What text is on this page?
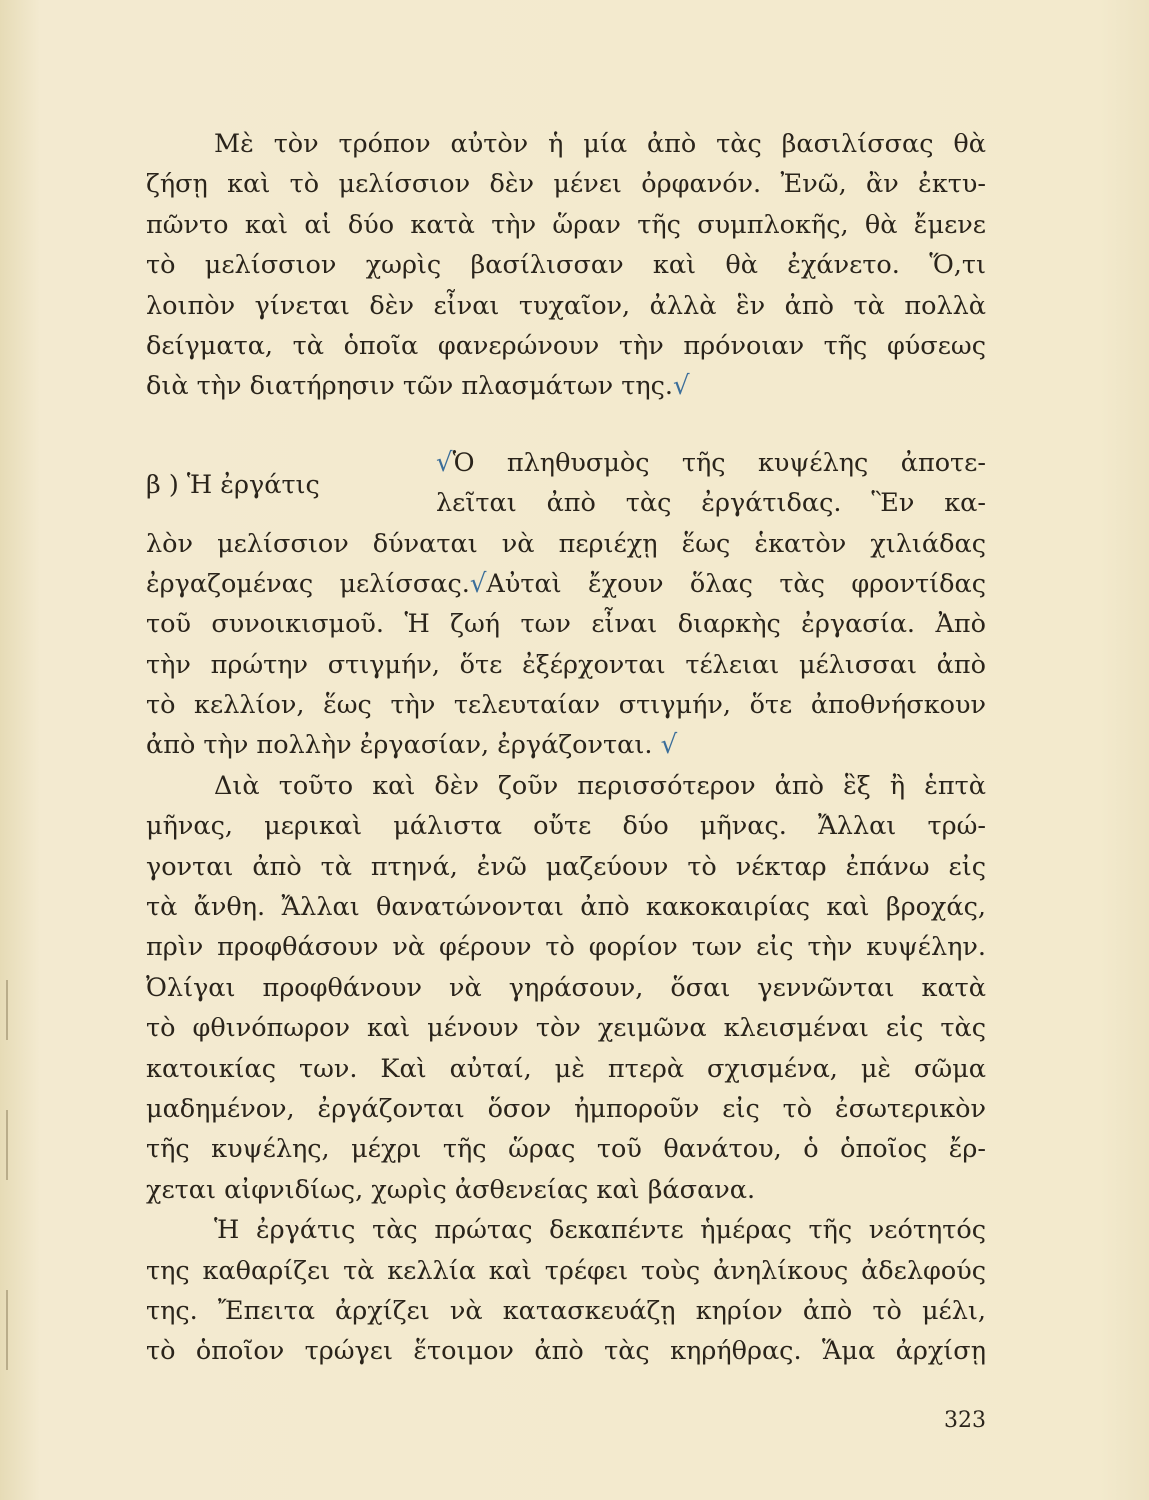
Μὲ τὸν τρόπον αὐτὸν ἡ μία ἀπὸ τὰς βασιλίσσας θὰ
ζήσῃ καὶ τὸ μελίσσιον δὲν μένει ὀρφανόν. Ἐνῶ, ἂν ἐκτυ-
πῶντο καὶ αἱ δύο κατὰ τὴν ὥραν τῆς συμπλοκῆς, θὰ ἔμενε
τὸ μελίσσιον χωρὶς βασίλισσαν καὶ θὰ ἐχάνετο. Ὅ,τι
λοιπὸν γίνεται δὲν εἶναι τυχαῖον, ἀλλὰ ἓν ἀπὸ τὰ πολλὰ
δείγματα, τὰ ὁποῖα φανερώνουν τὴν πρόνοιαν τῆς φύσεως
διὰ τὴν διατήρησιν τῶν πλασμάτων της.√
β ) Ἡ ἐργάτις
√Ὁ πληθυσμὸς τῆς κυψέλης ἀποτε-
λεῖται ἀπὸ τὰς ἐργάτιδας. Ἓν κα-
λὸν μελίσσιον δύναται νὰ περιέχῃ ἕως ἑκατὸν χιλιάδας
ἐργαζομένας μελίσσας.√Αὐταὶ ἔχουν ὅλας τὰς φροντίδας
τοῦ συνοικισμοῦ. Ἡ ζωή των εἶναι διαρκὴς ἐργασία. Ἀπὸ
τὴν πρώτην στιγμήν, ὅτε ἐξέρχονται τέλειαι μέλισσαι ἀπὸ
τὸ κελλίον, ἕως τὴν τελευταίαν στιγμήν, ὅτε ἀποθνήσκουν
ἀπὸ τὴν πολλὴν ἐργασίαν, ἐργάζονται. √
Διὰ τοῦτο καὶ δὲν ζοῦν περισσότερον ἀπὸ ἓξ ἢ ἑπτὰ
μῆνας, μερικαὶ μάλιστα οὔτε δύο μῆνας. Ἄλλαι τρώ-
γονται ἀπὸ τὰ πτηνά, ἐνῶ μαζεύουν τὸ νέκταρ ἐπάνω εἰς
τὰ ἄνθη. Ἄλλαι θανατώνονται ἀπὸ κακοκαιρίας καὶ βροχάς,
πρὶν προφθάσουν νὰ φέρουν τὸ φορίον των εἰς τὴν κυψέλην.
Ὀλίγαι προφθάνουν νὰ γηράσουν, ὅσαι γεννῶνται κατὰ
τὸ φθινόπωρον καὶ μένουν τὸν χειμῶνα κλεισμέναι εἰς τὰς
κατοικίας των. Καὶ αὐταί, μὲ πτερὰ σχισμένα, μὲ σῶμα
μαδημένον, ἐργάζονται ὅσον ἠμποροῦν εἰς τὸ ἐσωτερικὸν
τῆς κυψέλης, μέχρι τῆς ὥρας τοῦ θανάτου, ὁ ὁποῖος ἔρ-
χεται αἰφνιδίως, χωρὶς ἀσθενείας καὶ βάσανα.
Ἡ ἐργάτις τὰς πρώτας δεκαπέντε ἡμέρας τῆς νεότητός
της καθαρίζει τὰ κελλία καὶ τρέφει τοὺς ἀνηλίκους ἀδελφούς
της. Ἔπειτα ἀρχίζει νὰ κατασκευάζῃ κηρίον ἀπὸ τὸ μέλι,
τὸ ὁποῖον τρώγει ἕτοιμον ἀπὸ τὰς κηρήθρας. Ἅμα ἀρχίσῃ
323
